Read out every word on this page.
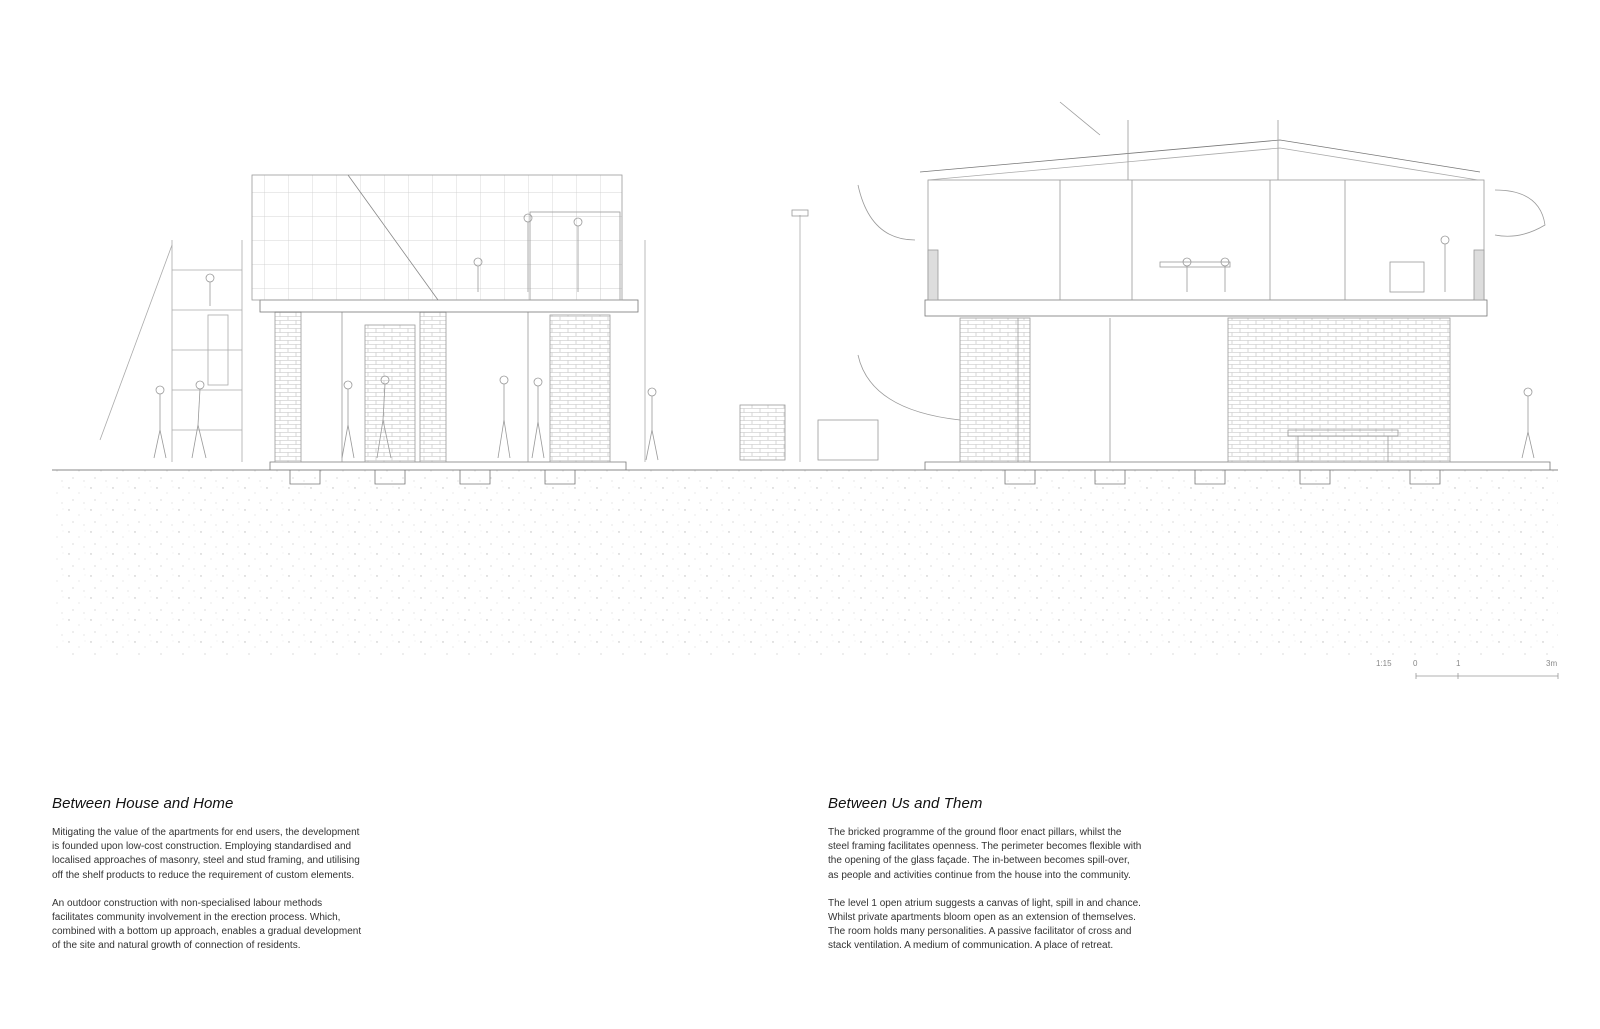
1:15	0	1	3m
Between House and Home

Mitigating the value of the apartments for end users, the development
is founded upon low-cost construction. Employing standardised and
localised approaches of masonry, steel and stud framing, and utilising
off the shelf products to reduce the requirement of custom elements.

An outdoor construction with non-specialised labour methods
facilitates community involvement in the erection process. Which,
combined with a bottom up approach, enables a gradual development
of the site and natural growth of connection of residents.

Between Us and Them

The bricked programme of the ground floor enact pillars, whilst the
steel framing facilitates openness. The perimeter becomes flexible with
the opening of the glass façade. The in-between becomes spill-over,
as people and activities continue from the house into the community.

The level 1 open atrium suggests a canvas of light, spill in and chance.
Whilst private apartments bloom open as an extension of themselves.
The room holds many personalities. A passive facilitator of cross and
stack ventilation. A medium of communication. A place of retreat.
